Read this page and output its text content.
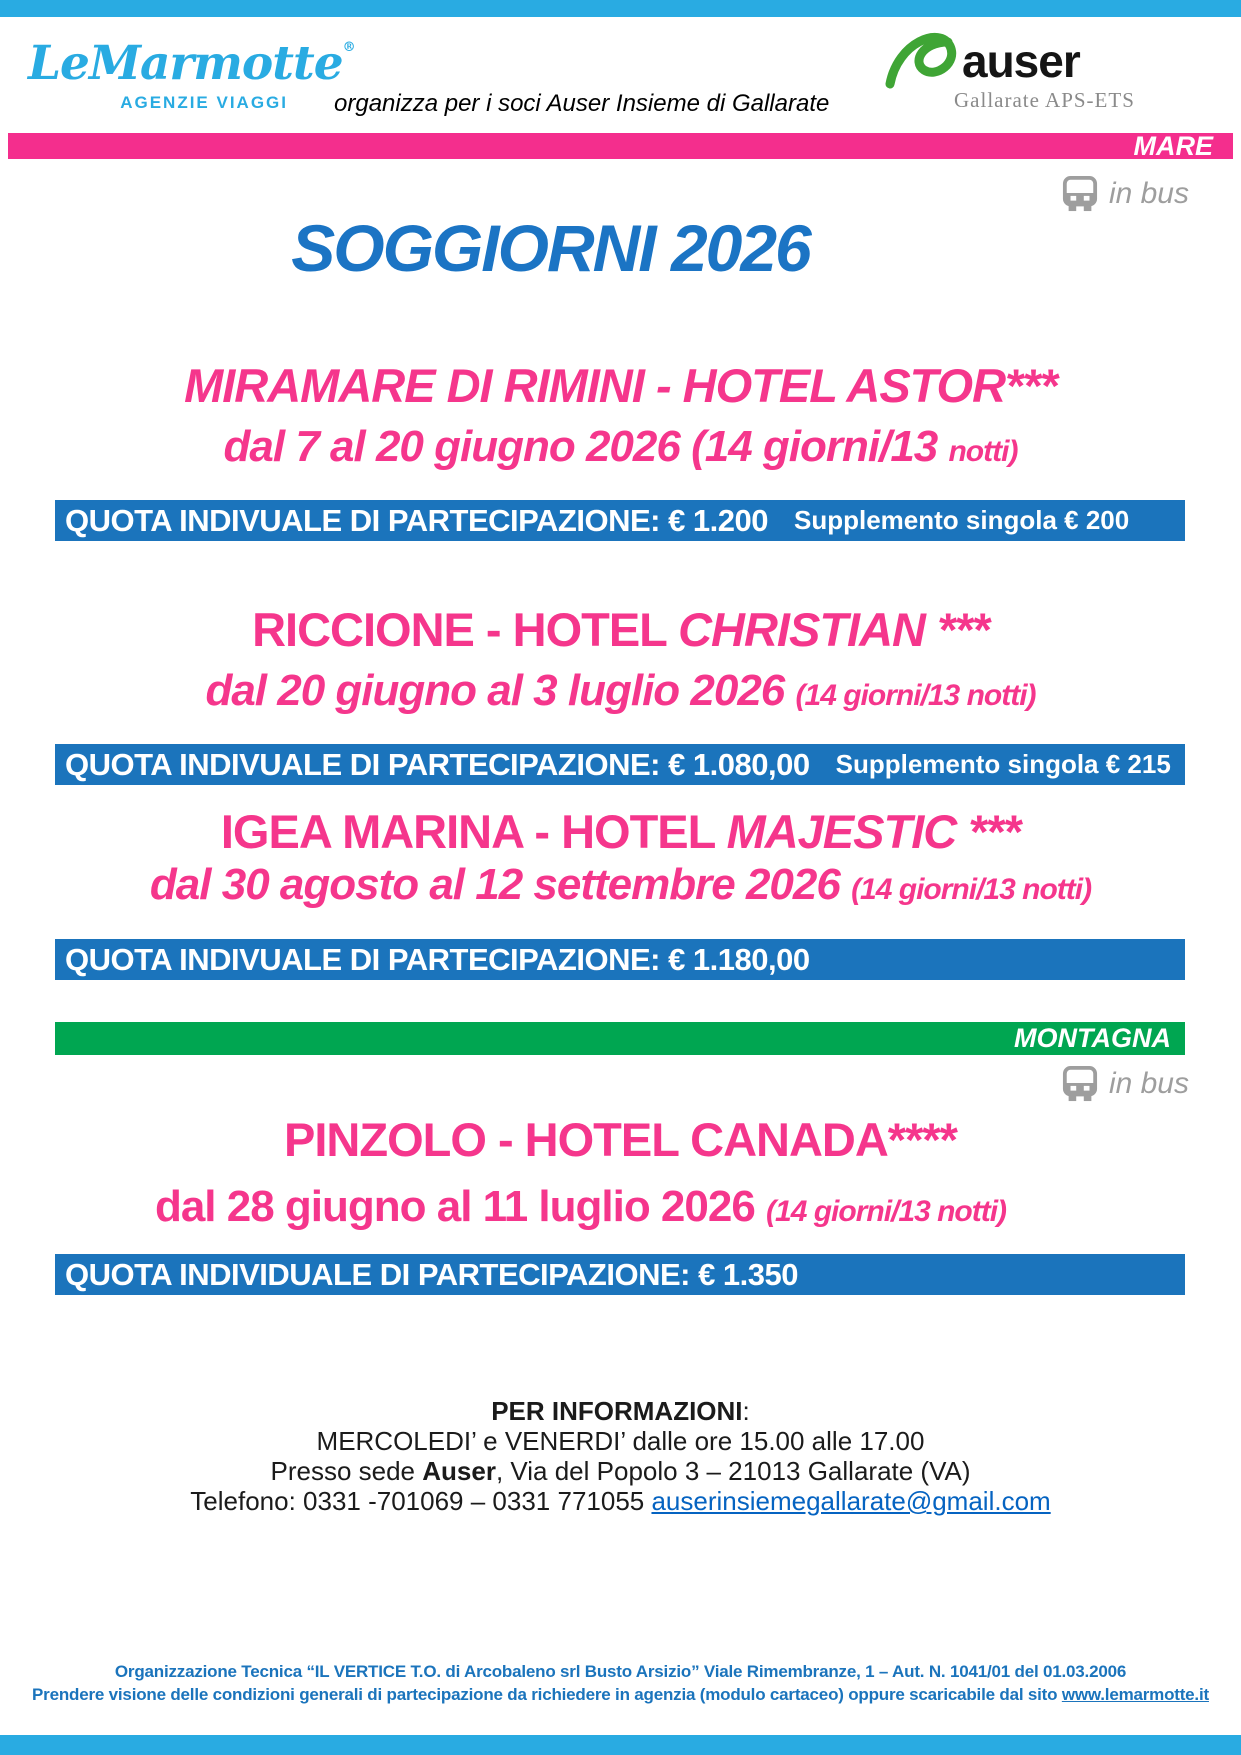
LeMarmotte®
AGENZIE VIAGGI organizza per i soci Auser Insieme di Gallarate
auser
Gallarate APS-ETS
MARE
in bus
SOGGIORNI 2026
MIRAMARE DI RIMINI - HOTEL ASTOR***
dal 7 al 20 giugno 2026 (14 giorni/13 notti)
QUOTA INDIVUALE DI PARTECIPAZIONE: € 1.200 Supplemento singola € 200
RICCIONE - HOTEL CHRISTIAN ***
dal 20 giugno al 3 luglio 2026 (14 giorni/13 notti)
QUOTA INDIVUALE DI PARTECIPAZIONE: € 1.080,00 Supplemento singola € 215
IGEA MARINA - HOTEL MAJESTIC ***
dal 30 agosto al 12 settembre 2026 (14 giorni/13 notti)
QUOTA INDIVUALE DI PARTECIPAZIONE: € 1.180,00
MONTAGNA
in bus
PINZOLO - HOTEL CANADA****
dal 28 giugno al 11 luglio 2026 (14 giorni/13 notti)
QUOTA INDIVIDUALE DI PARTECIPAZIONE: € 1.350
PER INFORMAZIONI:
MERCOLEDI’ e VENERDI’ dalle ore 15.00 alle 17.00
Presso sede Auser, Via del Popolo 3 – 21013 Gallarate (VA)
Telefono: 0331 -701069 – 0331 771055 auserinsiemegallarate@gmail.com
Organizzazione Tecnica “IL VERTICE T.O. di Arcobaleno srl Busto Arsizio” Viale Rimembranze, 1 – Aut. N. 1041/01 del 01.03.2006
Prendere visione delle condizioni generali di partecipazione da richiedere in agenzia (modulo cartaceo) oppure scaricabile dal sito www.lemarmotte.it
